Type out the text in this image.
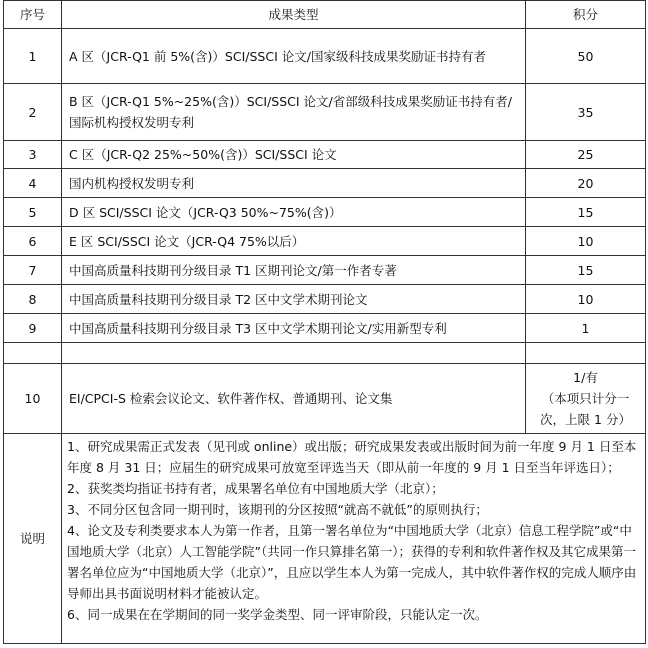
序号	成果类型	积分
1	A 区（JCR-Q1 前 5%(含)）SCI/SSCI 论文/国家级科技成果奖励证书持有者	50
2	B 区（JCR-Q1 5%~25%(含)）SCI/SSCI 论文/省部级科技成果奖励证书持有者/国际机构授权发明专利	35
3	C 区（JCR-Q2 25%~50%(含)）SCI/SSCI 论文	25
4	国内机构授权发明专利	20
5	D 区 SCI/SSCI 论文（JCR-Q3 50%~75%(含)）	15
6	E 区 SCI/SSCI 论文（JCR-Q4 75%以后）	10
7	中国高质量科技期刊分级目录 T1 区期刊论文/第一作者专著	15
8	中国高质量科技期刊分级目录 T2 区中文学术期刊论文	10
9	中国高质量科技期刊分级目录 T3 区中文学术期刊论文/实用新型专利	1

10	EI/CPCI-S 检索会议论文、软件著作权、普通期刊、论文集	1/有
（本项只计分一次，上限 1 分）

说明	1、研究成果需正式发表（见刊或 online）或出版；研究成果发表或出版时间为前一年度 9 月 1 日至本年度 8 月 31 日；应届生的研究成果可放宽至评选当天（即从前一年度的 9 月 1 日至当年评选日）；

2、获奖类均指证书持有者，成果署名单位有中国地质大学（北京）；

3、不同分区包含同一期刊时，该期刊的分区按照“就高不就低”的原则执行；

4、论文及专利类要求本人为第一作者，且第一署名单位为“中国地质大学（北京）信息工程学院”或“中国地质大学（北京）人工智能学院”（共同一作只算排名第一）；获得的专利和软件著作权及其它成果第一署名单位应为“中国地质大学（北京）”，且应以学生本人为第一完成人，其中软件著作权的完成人顺序由导师出具书面说明材料才能被认定。

6、同一成果在在学期间的同一奖学金类型、同一评审阶段，只能认定一次。	
